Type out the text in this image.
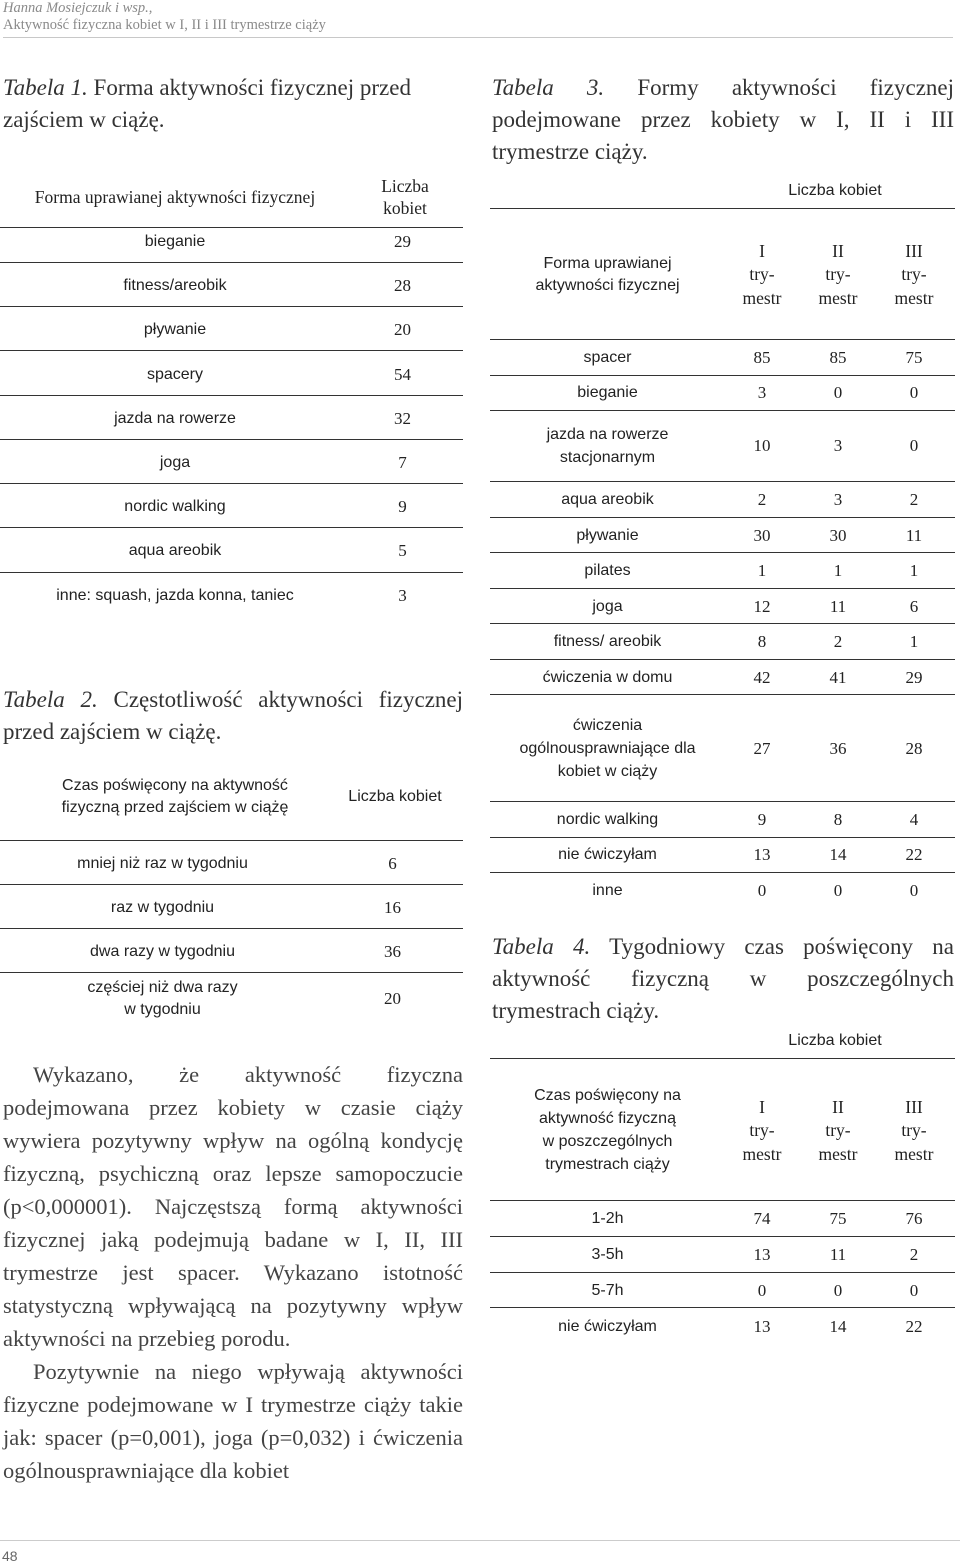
Hanna Mosiejczuk i wsp.,
Aktywność fizyczna kobiet w I, II i III trymestrze ciąży
Tabela 1. Forma aktywności fizycznej przed zajściem w ciążę.
Forma uprawianej aktywności fizycznej
Liczba
kobiet
bieganie	29
fitness/areobik	28
pływanie	20
spacery	54
jazda na rowerze	32
joga	7
nordic walking	9
aqua areobik	5
inne: squash, jazda konna, taniec	3
Tabela 2. Częstotliwość aktywności fizycznej przed zajściem w ciążę.
Czas poświęcony na aktywność
fizyczną przed zajściem w ciążę
Liczba kobiet
mniej niż raz w tygodniu	6
raz w tygodniu	16
dwa razy w tygodniu	36
częściej niż dwa razy
w tygodniu
20

Wykazano, że aktywność fizyczna podejmowana przez kobiety w czasie ciąży wywiera pozytywny wpływ na ogólną kondycję fizyczną, psychiczną oraz lepsze samopoczucie (p<0,000001). Najczęstszą formą aktywności fizycznej jaką podejmują badane w I, II, III trymestrze jest spacer. Wykazano istotność statystyczną wpływającą na pozytywny wpływ aktywności na przebieg porodu.

Pozytywnie na niego wpływają aktywności fizyczne podejmowane w I trymestrze ciąży takie jak: spacer (p=0,001), joga (p=0,032) i ćwiczenia ogólnousprawniające dla kobiet

Tabela 3. Formy aktywności fizycznej podejmowane przez kobiety w I, II i III trymestrze ciąży.
Liczba kobiet
Forma uprawianej
aktywności fizycznej
I
try-
mestr
II
try-
mestr
III
try-
mestr
spacer	85	85	75
bieganie	3	0	0
jazda na rowerze
stacjonarnym
10	3	0
aqua areobik	2	3	2
pływanie	30	30	11
pilates	1	1	1
joga	12	11	6
fitness/ areobik	8	2	1
ćwiczenia w domu	42	41	29
ćwiczenia
ogólnousprawniające dla
kobiet w ciąży
27	36	28
nordic walking	9	8	4
nie ćwiczyłam	13	14	22
inne	0	0	0
Tabela 4. Tygodniowy czas poświęcony na aktywność fizyczną w poszczególnych trymestrach ciąży.
Liczba kobiet
Czas poświęcony na
aktywność fizyczną
w poszczególnych
trymestrach ciąży
I
try-
mestr
II
try-
mestr
III
try-
mestr
1-2h	74	75	76
3-5h	13	11	2
5-7h	0	0	0
nie ćwiczyłam	13	14	22
48
